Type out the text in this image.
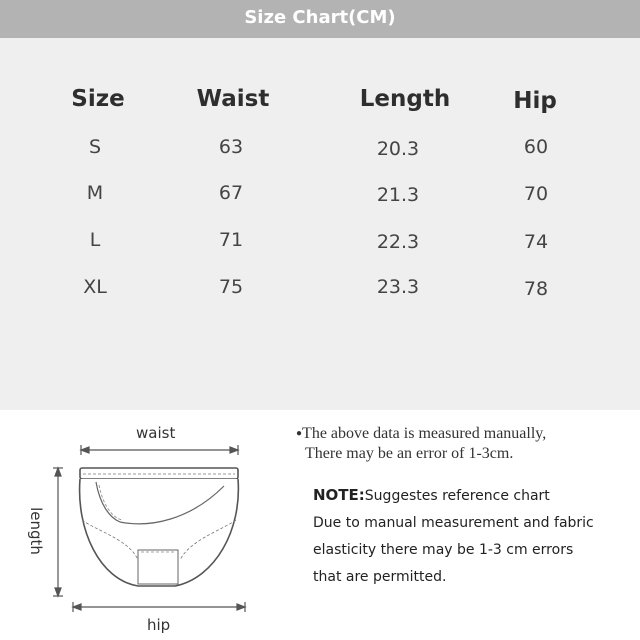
Size Chart(CM)
Size	Waist	Length	Hip
S	63	20.3	60
M	67	21.3	70
L	71	22.3	74
XL	75	23.3	78
waist
hip
length
●The above data is measured manually,
There may be an error of 1-3cm.
NOTE:Suggestes reference chart
Due to manual measurement and fabric
elasticity there may be 1-3 cm errors
that are permitted.
